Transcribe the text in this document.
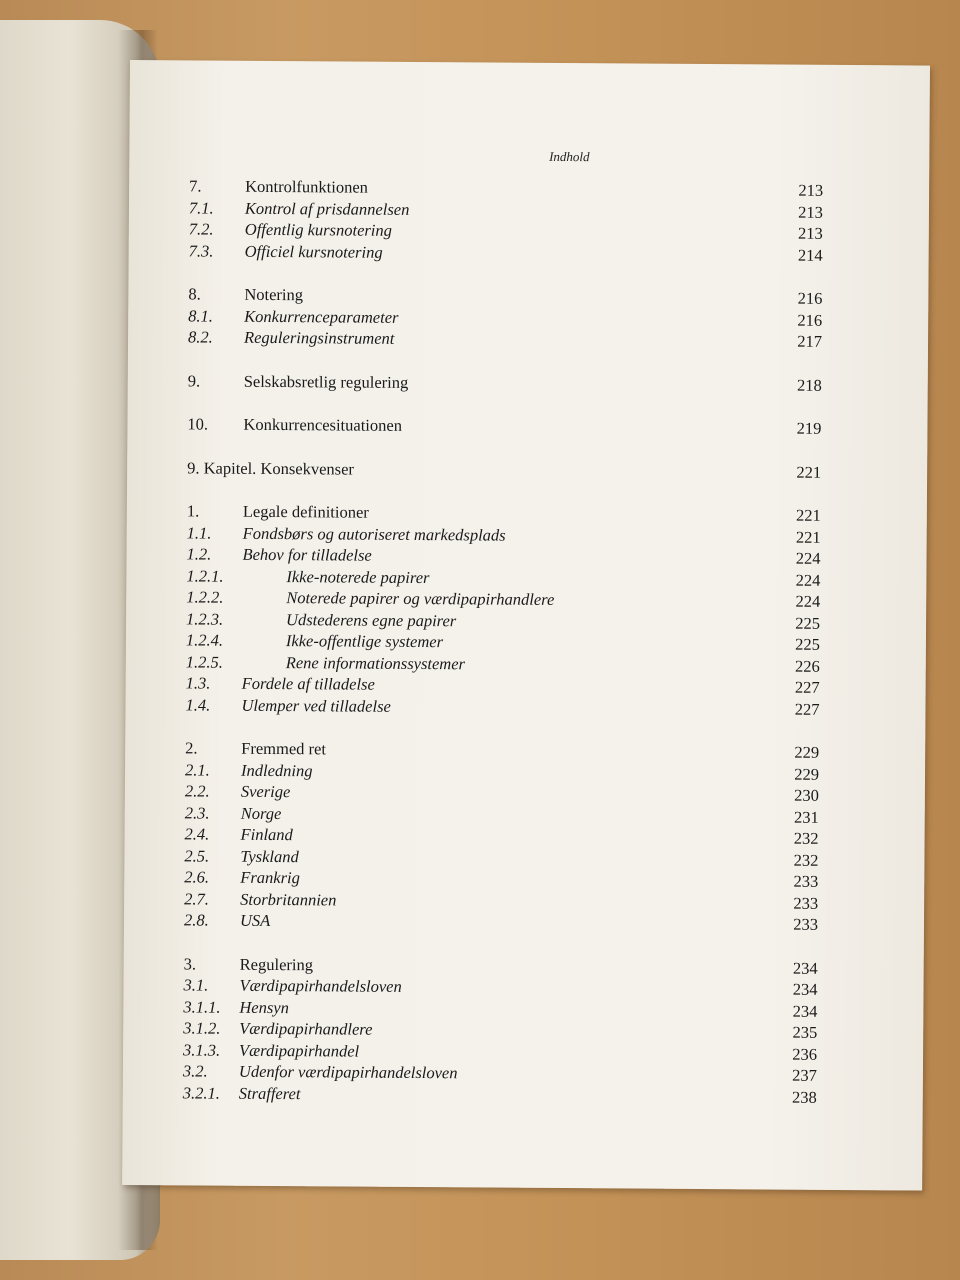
Indhold
7.	Kontrolfunktionen	213
7.1. Kontrol af prisdannelsen	213
7.2. Offentlig kursnotering	213
7.3. Officiel kursnotering	214
8.	Notering	216
8.1. Konkurrenceparameter	216
8.2. Reguleringsinstrument	217
9.	Selskabsretlig regulering	218
10. Konkurrencesituationen	219
9. Kapitel. Konsekvenser	221
1.	Legale definitioner	221
1.1. Fondsbørs og autoriseret markedsplads	221
1.2. Behov for tilladelse	224
1.2.1.	Ikke-noterede papirer	224
1.2.2.	Noterede papirer og værdipapirhandlere	224
1.2.3.	Udstederens egne papirer	225
1.2.4.	Ikke-offentlige systemer	225
1.2.5.	Rene informationssystemer	226
1.3. Fordele af tilladelse	227
1.4. Ulemper ved tilladelse	227
2.	Fremmed ret	229
2.1. Indledning	229
2.2. Sverige	230
2.3. Norge	231
2.4. Finland	232
2.5. Tyskland	232
2.6. Frankrig	233
2.7. Storbritannien	233
2.8. USA	233
3.	Regulering	234
3.1. Værdipapirhandelsloven	234
3.1.1. Hensyn	234
3.1.2. Værdipapirhandlere	235
3.1.3. Værdipapirhandel	236
3.2. Udenfor værdipapirhandelsloven	237
3.2.1. Strafferet	238
